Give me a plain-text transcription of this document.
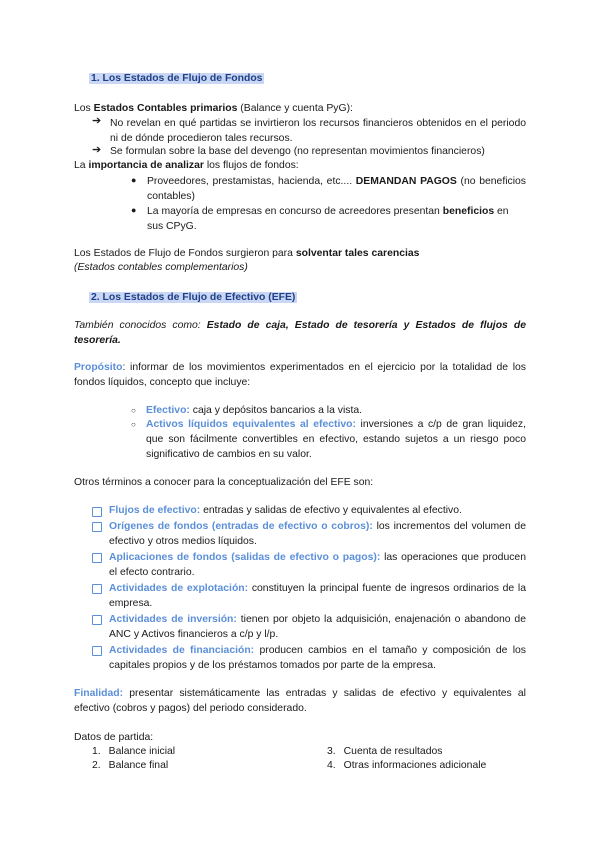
1. Los Estados de Flujo de Fondos
Los Estados Contables primarios (Balance y cuenta PyG):
➔ No revelan en qué partidas se invirtieron los recursos financieros obtenidos en el periodo ni de dónde procedieron tales recursos.
➔ Se formulan sobre la base del devengo (no representan movimientos financieros)
La importancia de analizar los flujos de fondos:
● Proveedores, prestamistas, hacienda, etc.... DEMANDAN PAGOS (no beneficios contables)
● La mayoría de empresas en concurso de acreedores presentan beneficios en sus CPyG.
Los Estados de Flujo de Fondos surgieron para solventar tales carencias
(Estados contables complementarios)
2. Los Estados de Flujo de Efectivo (EFE)
También conocidos como: Estado de caja, Estado de tesorería y Estados de flujos de tesorería.
Propósito: informar de los movimientos experimentados en el ejercicio por la totalidad de los fondos líquidos, concepto que incluye:
○ Efectivo: caja y depósitos bancarios a la vista.
○ Activos líquidos equivalentes al efectivo: inversiones a c/p de gran liquidez, que son fácilmente convertibles en efectivo, estando sujetos a un riesgo poco significativo de cambios en su valor.
Otros términos a conocer para la conceptualización del EFE son:
Flujos de efectivo: entradas y salidas de efectivo y equivalentes al efectivo.
Orígenes de fondos (entradas de efectivo o cobros): los incrementos del volumen de efectivo y otros medios líquidos.
Aplicaciones de fondos (salidas de efectivo o pagos): las operaciones que producen el efecto contrario.
Actividades de explotación: constituyen la principal fuente de ingresos ordinarios de la empresa.
Actividades de inversión: tienen por objeto la adquisición, enajenación o abandono de ANC y Activos financieros a c/p y l/p.
Actividades de financiación: producen cambios en el tamaño y composición de los capitales propios y de los préstamos tomados por parte de la empresa.
Finalidad: presentar sistemáticamente las entradas y salidas de efectivo y equivalentes al efectivo (cobros y pagos) del periodo considerado.
Datos de partida:
1. Balance inicial
2. Balance final
3. Cuenta de resultados
4. Otras informaciones adicionale
